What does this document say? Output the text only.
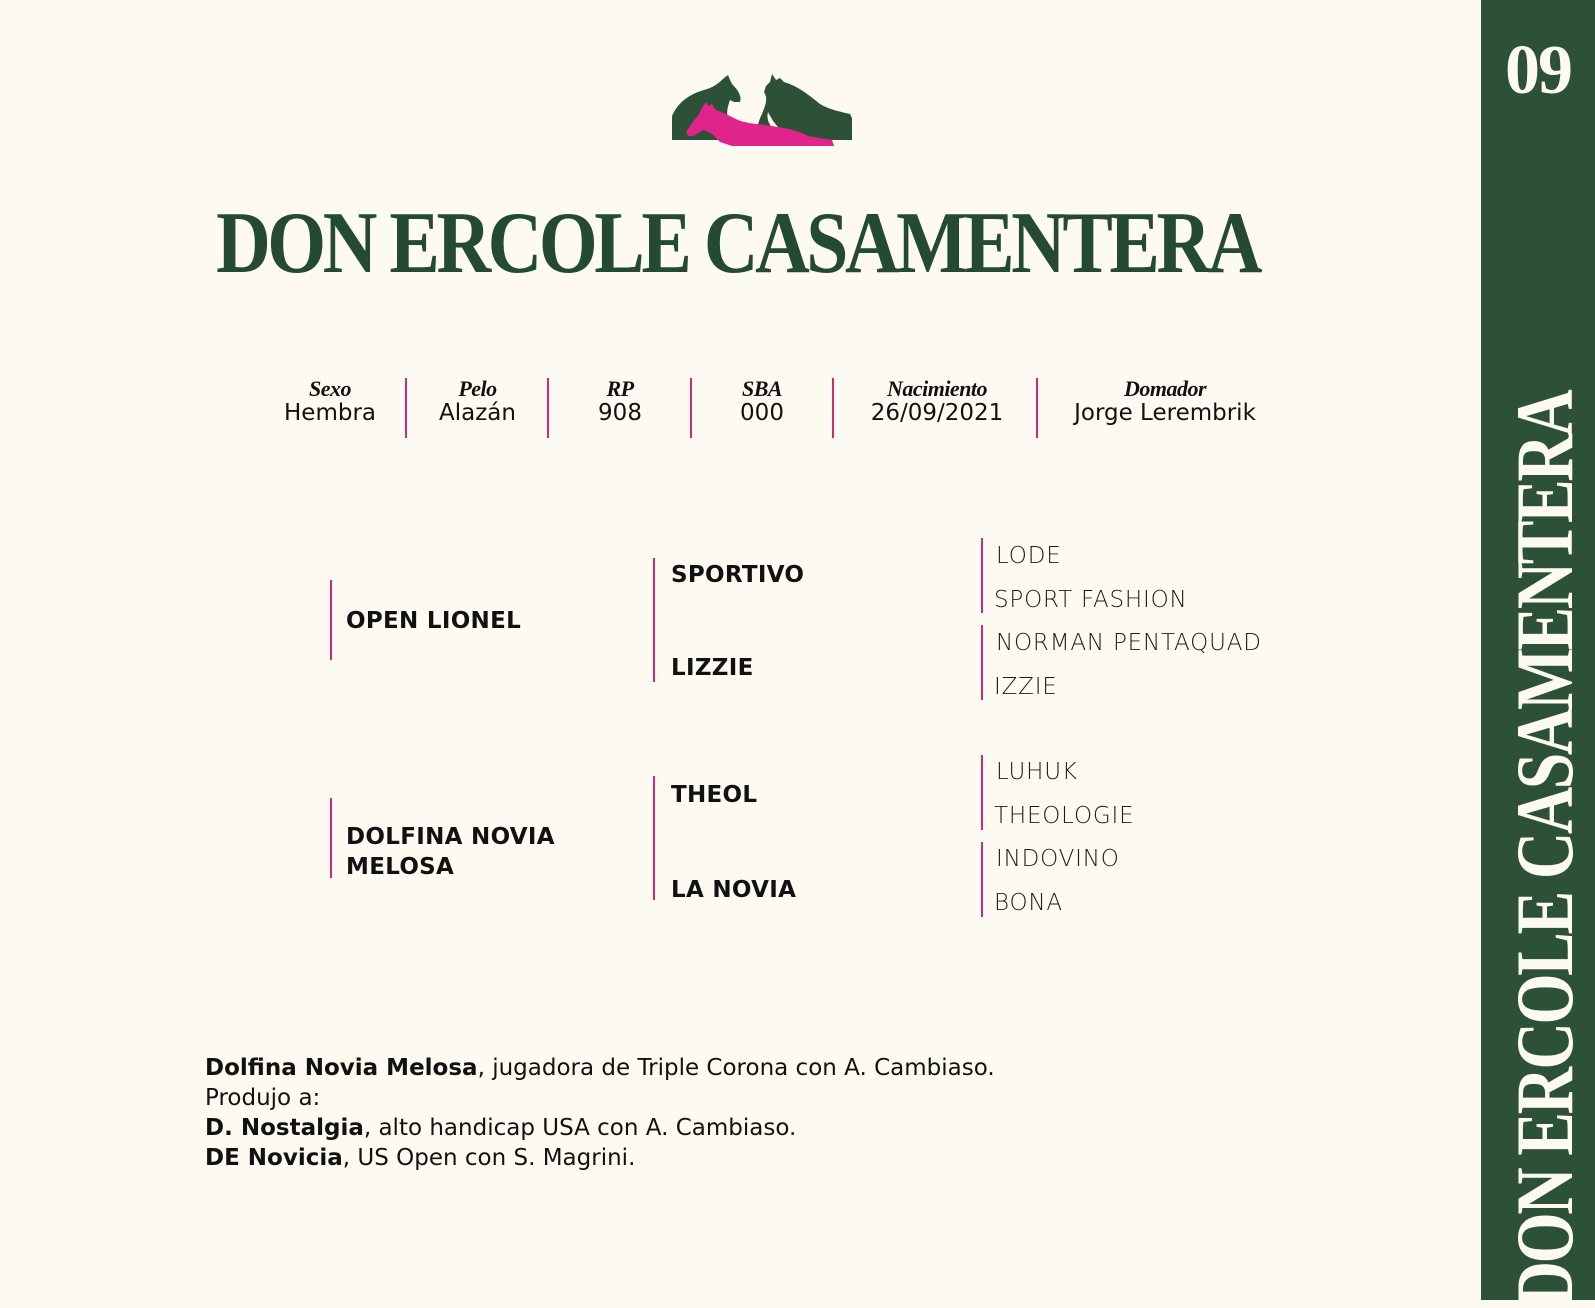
DON ERCOLE CASAMENTERA
Sexo
Hembra
Pelo
Alazán
RP
908
SBA
000
Nacimiento
26/09/2021
Domador
Jorge Lerembrik
OPEN LIONEL
DOLFINA NOVIA
MELOSA
SPORTIVO
LIZZIE
THEOL
LA NOVIA
LODE
SPORT FASHION
NORMAN PENTAQUAD
IZZIE
LUHUK
THEOLOGIE
INDOVINO
BONA
Dolfina Novia Melosa, jugadora de Triple Corona con A. Cambiaso.
Produjo a:
D. Nostalgia, alto handicap USA con A. Cambiaso.
DE Novicia, US Open con S. Magrini.
09
DON ERCOLE CASAMENTERA
